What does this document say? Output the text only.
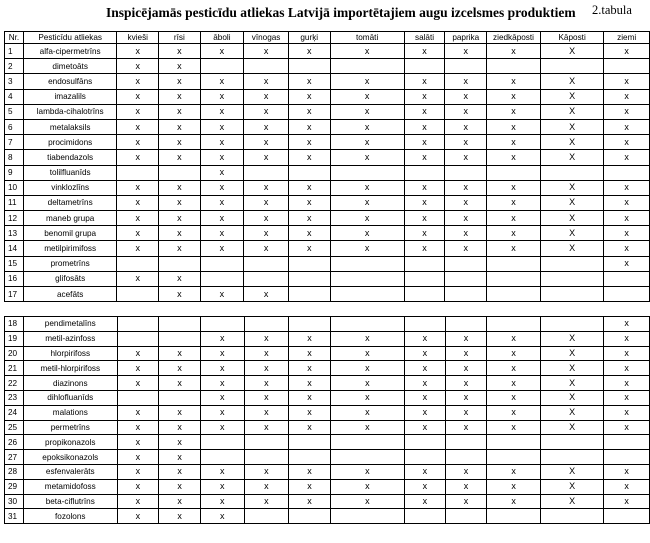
Inspicējamās pesticīdu atliekas Latvijā importētajiem augu izcelsmes produktiem 2.tabula
Nr.	Pesticīdu atliekas	kvieši	rīsi	āboli	vīnogas	gurķi	tomāti	salāti	paprika	ziedkāposti	Kāposti	ziemi
1	alfa-cipermetrīns	x	x	x	x	x	x	x	x	x	X	x
2	dimetoāts	x	x									
3	endosulfāns	x	x	x	x	x	x	x	x	x	X	x
4	imazalils	x	x	x	x	x	x	x	x	x	X	x
5	lambda-cihalotrīns	x	x	x	x	x	x	x	x	x	X	x
6	metalaksils	x	x	x	x	x	x	x	x	x	X	x
7	procimidons	x	x	x	x	x	x	x	x	x	X	x
8	tiabendazols	x	x	x	x	x	x	x	x	x	X	x
9	tolilfluanīds			x								
10	vinklozlīns	x	x	x	x	x	x	x	x	x	X	x
11	deltametrīns	x	x	x	x	x	x	x	x	x	X	x
12	maneb grupa	x	x	x	x	x	x	x	x	x	X	x
13	benomil grupa	x	x	x	x	x	x	x	x	x	X	x
14	metilpirimifoss	x	x	x	x	x	x	x	x	x	X	x
15	prometrīns											x
16	glifosāts	x	x									
17	acefāts		x	x	x							
18	pendimetalīns											x
19	metil-azinfoss			x	x	x	x	x	x	x	X	x
20	hlorpirifoss	x	x	x	x	x	x	x	x	x	X	x
21	metil-hlorpirifoss	x	x	x	x	x	x	x	x	x	X	x
22	diazinons	x	x	x	x	x	x	x	x	x	X	x
23	dihlofluanīds			x	x	x	x	x	x	x	X	x
24	malations	x	x	x	x	x	x	x	x	x	X	x
25	permetrīns	x	x	x	x	x	x	x	x	x	X	x
26	propikonazols	x	x									
27	epoksikonazols	x	x									
28	esfenvalerāts	x	x	x	x	x	x	x	x	x	X	x
29	metamidofoss	x	x	x	x	x	x	x	x	x	X	x
30	beta-ciflutrīns	x	x	x	x	x	x	x	x	x	X	x
31	fozolons	x	x	x								
